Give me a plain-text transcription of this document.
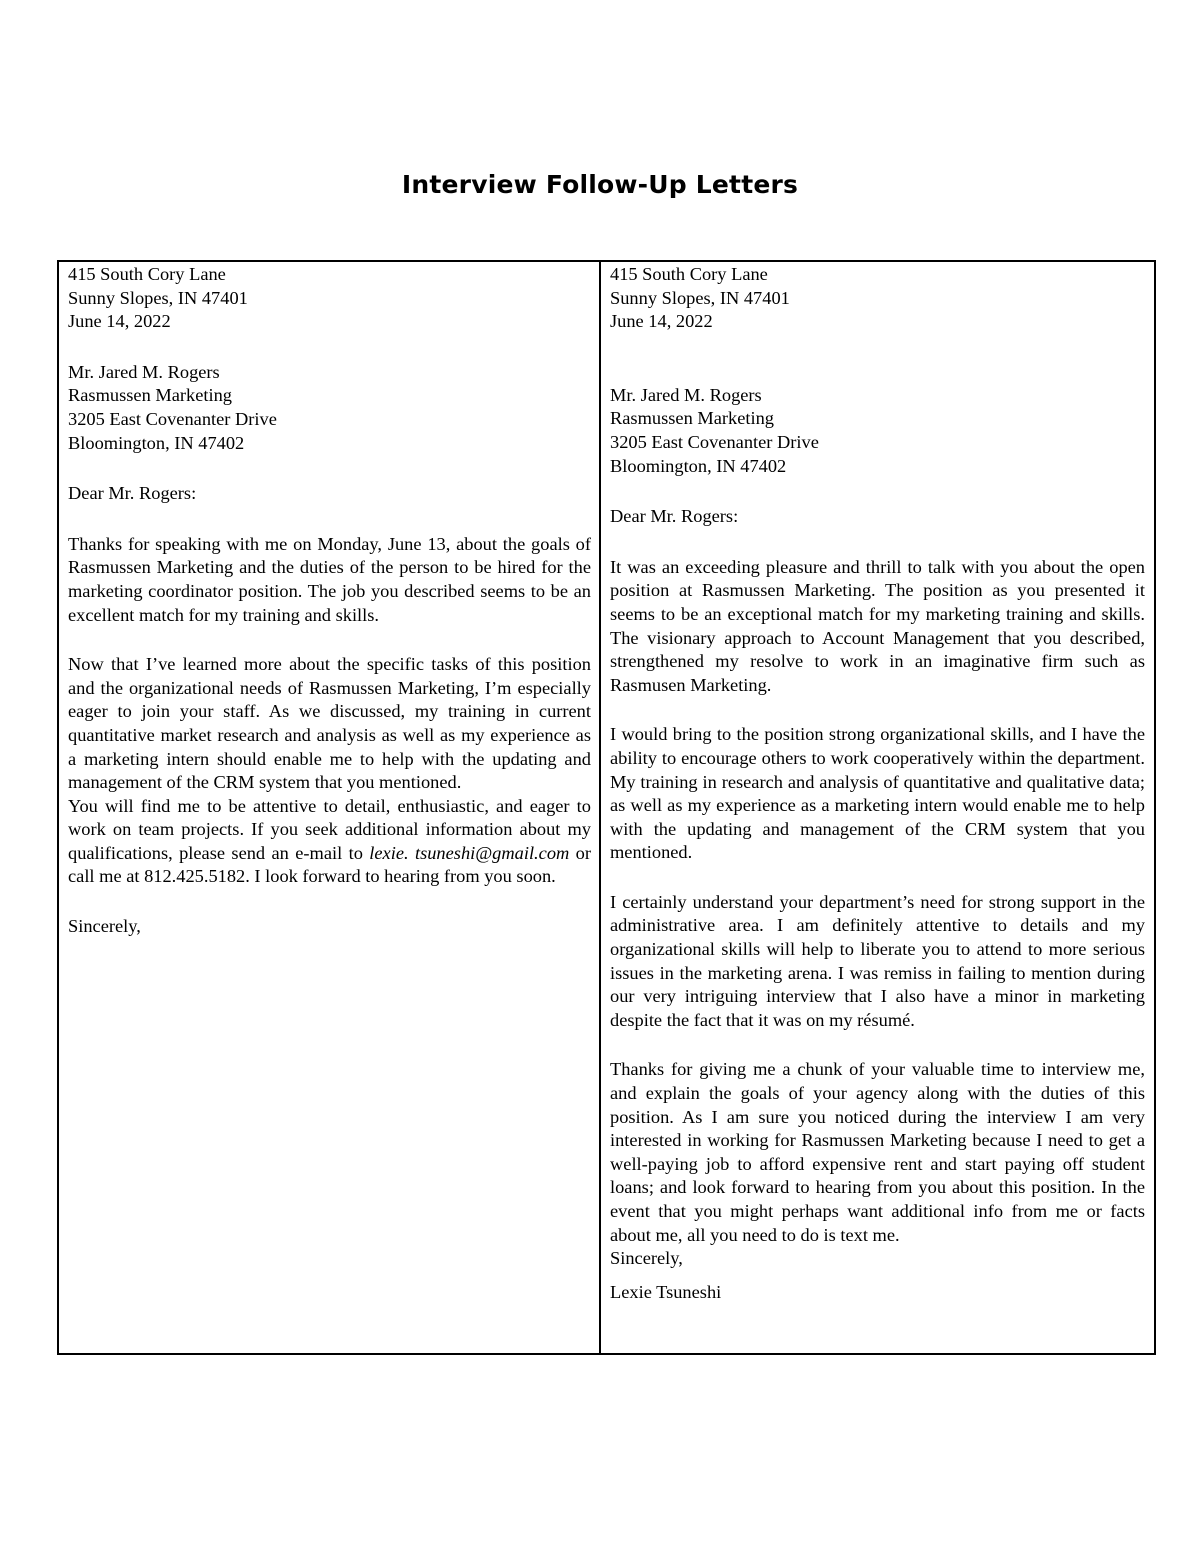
Interview Follow-Up Letters
415 South Cory Lane
Sunny Slopes, IN 47401
June 14, 2022
Mr. Jared M. Rogers
Rasmussen Marketing
3205 East Covenanter Drive
Bloomington, IN 47402
Dear Mr. Rogers:

Thanks for speaking with me on Monday, June 13, about the goals of Rasmussen Marketing and the duties of the person to be hired for the marketing coordinator position. The job you described seems to be an excellent match for my training and skills.

Now that I’ve learned more about the specific tasks of this position and the organizational needs of Rasmussen Marketing, I’m especially eager to join your staff. As we discussed, my training in current quantitative market research and analysis as well as my experience as a marketing intern should enable me to help with the updating and management of the CRM system that you mentioned.

You will find me to be attentive to detail, enthusiastic, and eager to work on team projects. If you seek additional information about my qualifications, please send an e-mail to lexie. tsuneshi@gmail.com or call me at 812.425.5182. I look forward to hearing from you soon.

Sincerely,
415 South Cory Lane
Sunny Slopes, IN 47401
June 14, 2022
Mr. Jared M. Rogers
Rasmussen Marketing
3205 East Covenanter Drive
Bloomington, IN 47402
Dear Mr. Rogers:

It was an exceeding pleasure and thrill to talk with you about the open position at Rasmussen Marketing. The position as you presented it seems to be an exceptional match for my marketing training and skills. The visionary approach to Account Management that you described, strengthened my resolve to work in an imaginative firm such as Rasmusen Marketing.

I would bring to the position strong organizational skills, and I have the ability to encourage others to work cooperatively within the department. My training in research and analysis of quantitative and qualitative data; as well as my experience as a marketing intern would enable me to help with the updating and management of the CRM system that you mentioned.

I certainly understand your department’s need for strong support in the administrative area. I am definitely attentive to details and my organizational skills will help to liberate you to attend to more serious issues in the marketing arena. I was remiss in failing to mention during our very intriguing interview that I also have a minor in marketing despite the fact that it was on my résumé.

Thanks for giving me a chunk of your valuable time to interview me, and explain the goals of your agency along with the duties of this position. As I am sure you noticed during the interview I am very interested in working for Rasmussen Marketing because I need to get a well-paying job to afford expensive rent and start paying off student loans; and look forward to hearing from you about this position. In the event that you might perhaps want additional info from me or facts about me, all you need to do is text me.

Sincerely,
Lexie Tsuneshi
